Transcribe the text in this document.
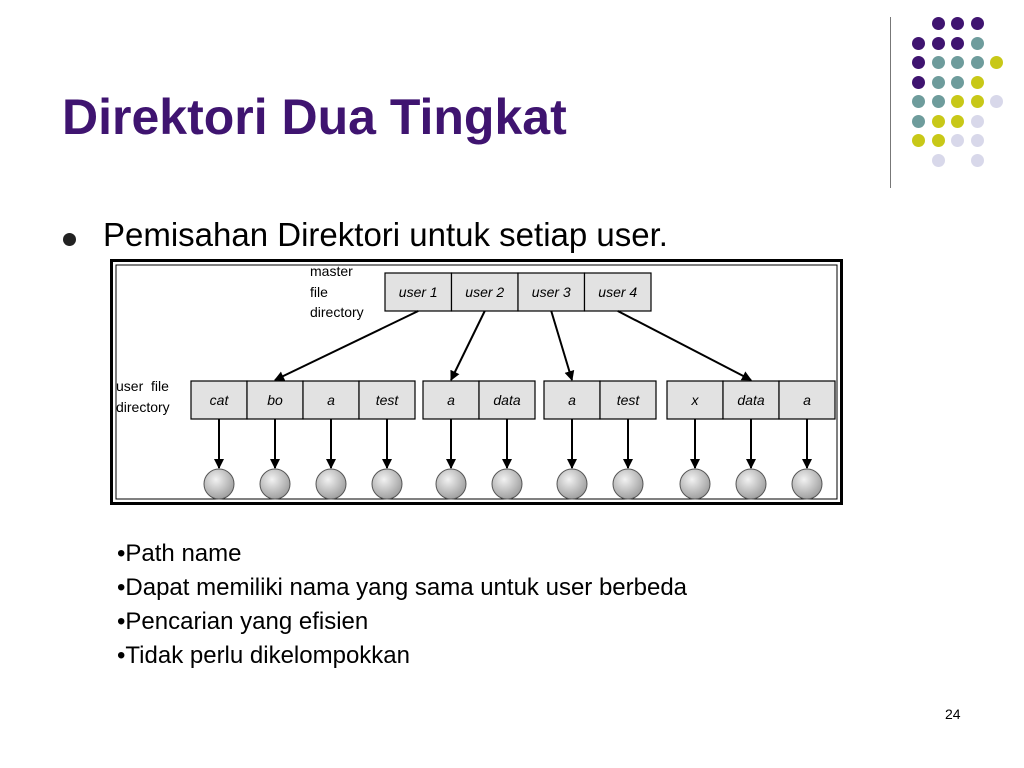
Direktori Dua Tingkat
Pemisahan Direktori untuk setiap user.
master file directory
user  file directory
user 1 user 2 user 3 user 4
cat	bo	a	test	a	data	a	test	x	data	a
•Path name
•Dapat memiliki nama yang sama untuk user berbeda
•Pencarian yang efisien
•Tidak perlu dikelompokkan
24
